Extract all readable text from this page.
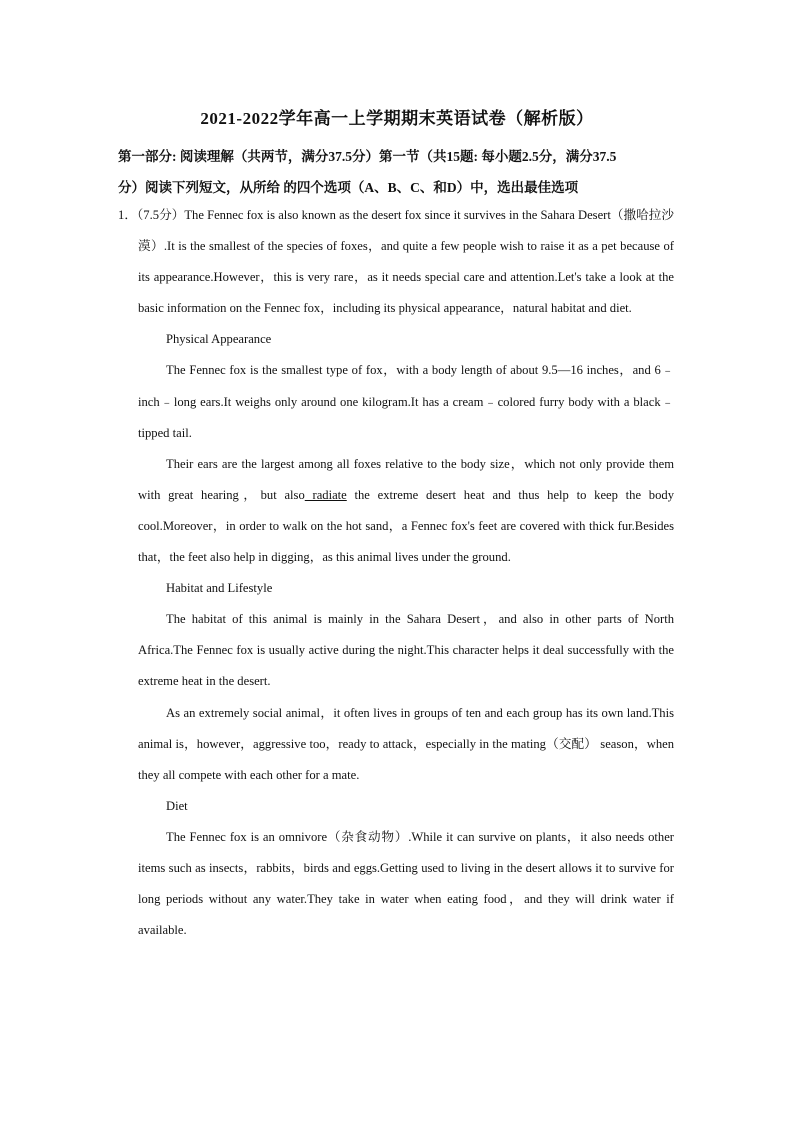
2021-2022学年高一上学期期末英语试卷（解析版）
第一部分: 阅读理解（共两节，满分37.5分）第一节（共15题: 每小题2.5分，满分37.5
分）阅读下列短文，从所给 的四个选项（A、B、C、和D）中，选出最佳选项

1．（7.5分）The Fennec fox is also known as the desert fox since it survives in the Sahara Desert（撒哈拉沙漠）.It is the smallest of the species of foxes，and quite a few people wish to raise it as a pet because of its appearance.However，this is very rare，as it needs special care and attention.Let's take a look at the basic information on the Fennec fox，including its physical appearance，natural habitat and diet.

Physical Appearance

The Fennec fox is the smallest type of fox，with a body length of about 9.5—16 inches，and 6﹣inch﹣long ears.It weighs only around one kilogram.It has a cream﹣colored furry body with a black﹣tipped tail.

Their ears are the largest among all foxes relative to the body size，which not only provide them with great hearing，but also radiate the extreme desert heat and thus help to keep the body cool.Moreover，in order to walk on the hot sand，a Fennec fox's feet are covered with thick fur.Besides that，the feet also help in digging，as this animal lives under the ground.

Habitat and Lifestyle

The habitat of this animal is mainly in the Sahara Desert，and also in other parts of North Africa.The Fennec fox is usually active during the night.This character helps it deal successfully with the extreme heat in the desert.

As an extremely social animal，it often lives in groups of ten and each group has its own land.This animal is，however，aggressive too，ready to attack，especially in the mating（交配） season，when they all compete with each other for a mate.

Diet

The Fennec fox is an omnivore（杂食动物）.While it can survive on plants，it also needs other items such as insects，rabbits，birds and eggs.Getting used to living in the desert allows it to survive for long periods without any water.They take in water when eating food，and they will drink water if available.
